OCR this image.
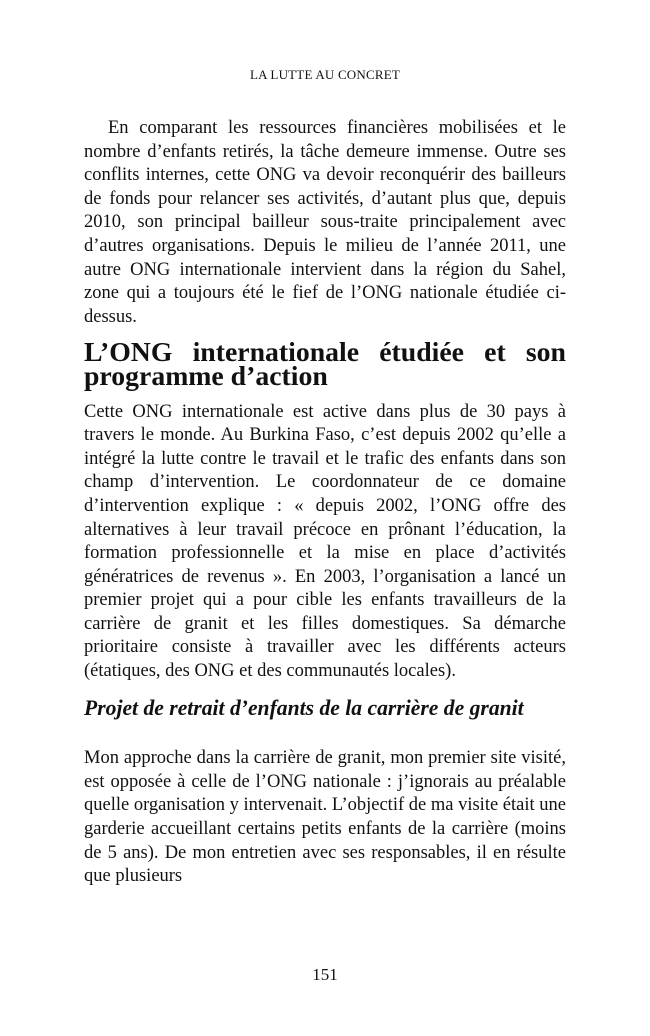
LA LUTTE AU CONCRET

En comparant les ressources financières mobilisées et le nombre d’enfants retirés, la tâche demeure immense. Outre ses conflits internes, cette ONG va devoir reconquérir des bailleurs de fonds pour relancer ses activités, d’autant plus que, depuis 2010, son principal bailleur sous-traite principalement avec d’autres organisations. Depuis le milieu de l’année 2011, une autre ONG internationale intervient dans la région du Sahel, zone qui a toujours été le fief de l’ONG nationale étudiée ci-dessus.

L’ONG internationale étudiée et son programme d’action

Cette ONG internationale est active dans plus de 30 pays à travers le monde. Au Burkina Faso, c’est depuis 2002 qu’elle a intégré la lutte contre le travail et le trafic des enfants dans son champ d’intervention. Le coordonnateur de ce domaine d’intervention explique : « depuis 2002, l’ONG offre des alternatives à leur travail précoce en prônant l’éducation, la formation professionnelle et la mise en place d’activités génératrices de revenus ». En 2003, l’organisation a lancé un premier projet qui a pour cible les enfants travailleurs de la carrière de granit et les filles domestiques. Sa démarche prioritaire consiste à travailler avec les différents acteurs (étatiques, des ONG et des communautés locales).

Projet de retrait d’enfants de la carrière de granit

Mon approche dans la carrière de granit, mon premier site visité, est opposée à celle de l’ONG nationale : j’ignorais au préalable quelle organisation y intervenait. L’objectif de ma visite était une garderie accueillant certains petits enfants de la carrière (moins de 5 ans). De mon entretien avec ses responsables, il en résulte que plusieurs

151
